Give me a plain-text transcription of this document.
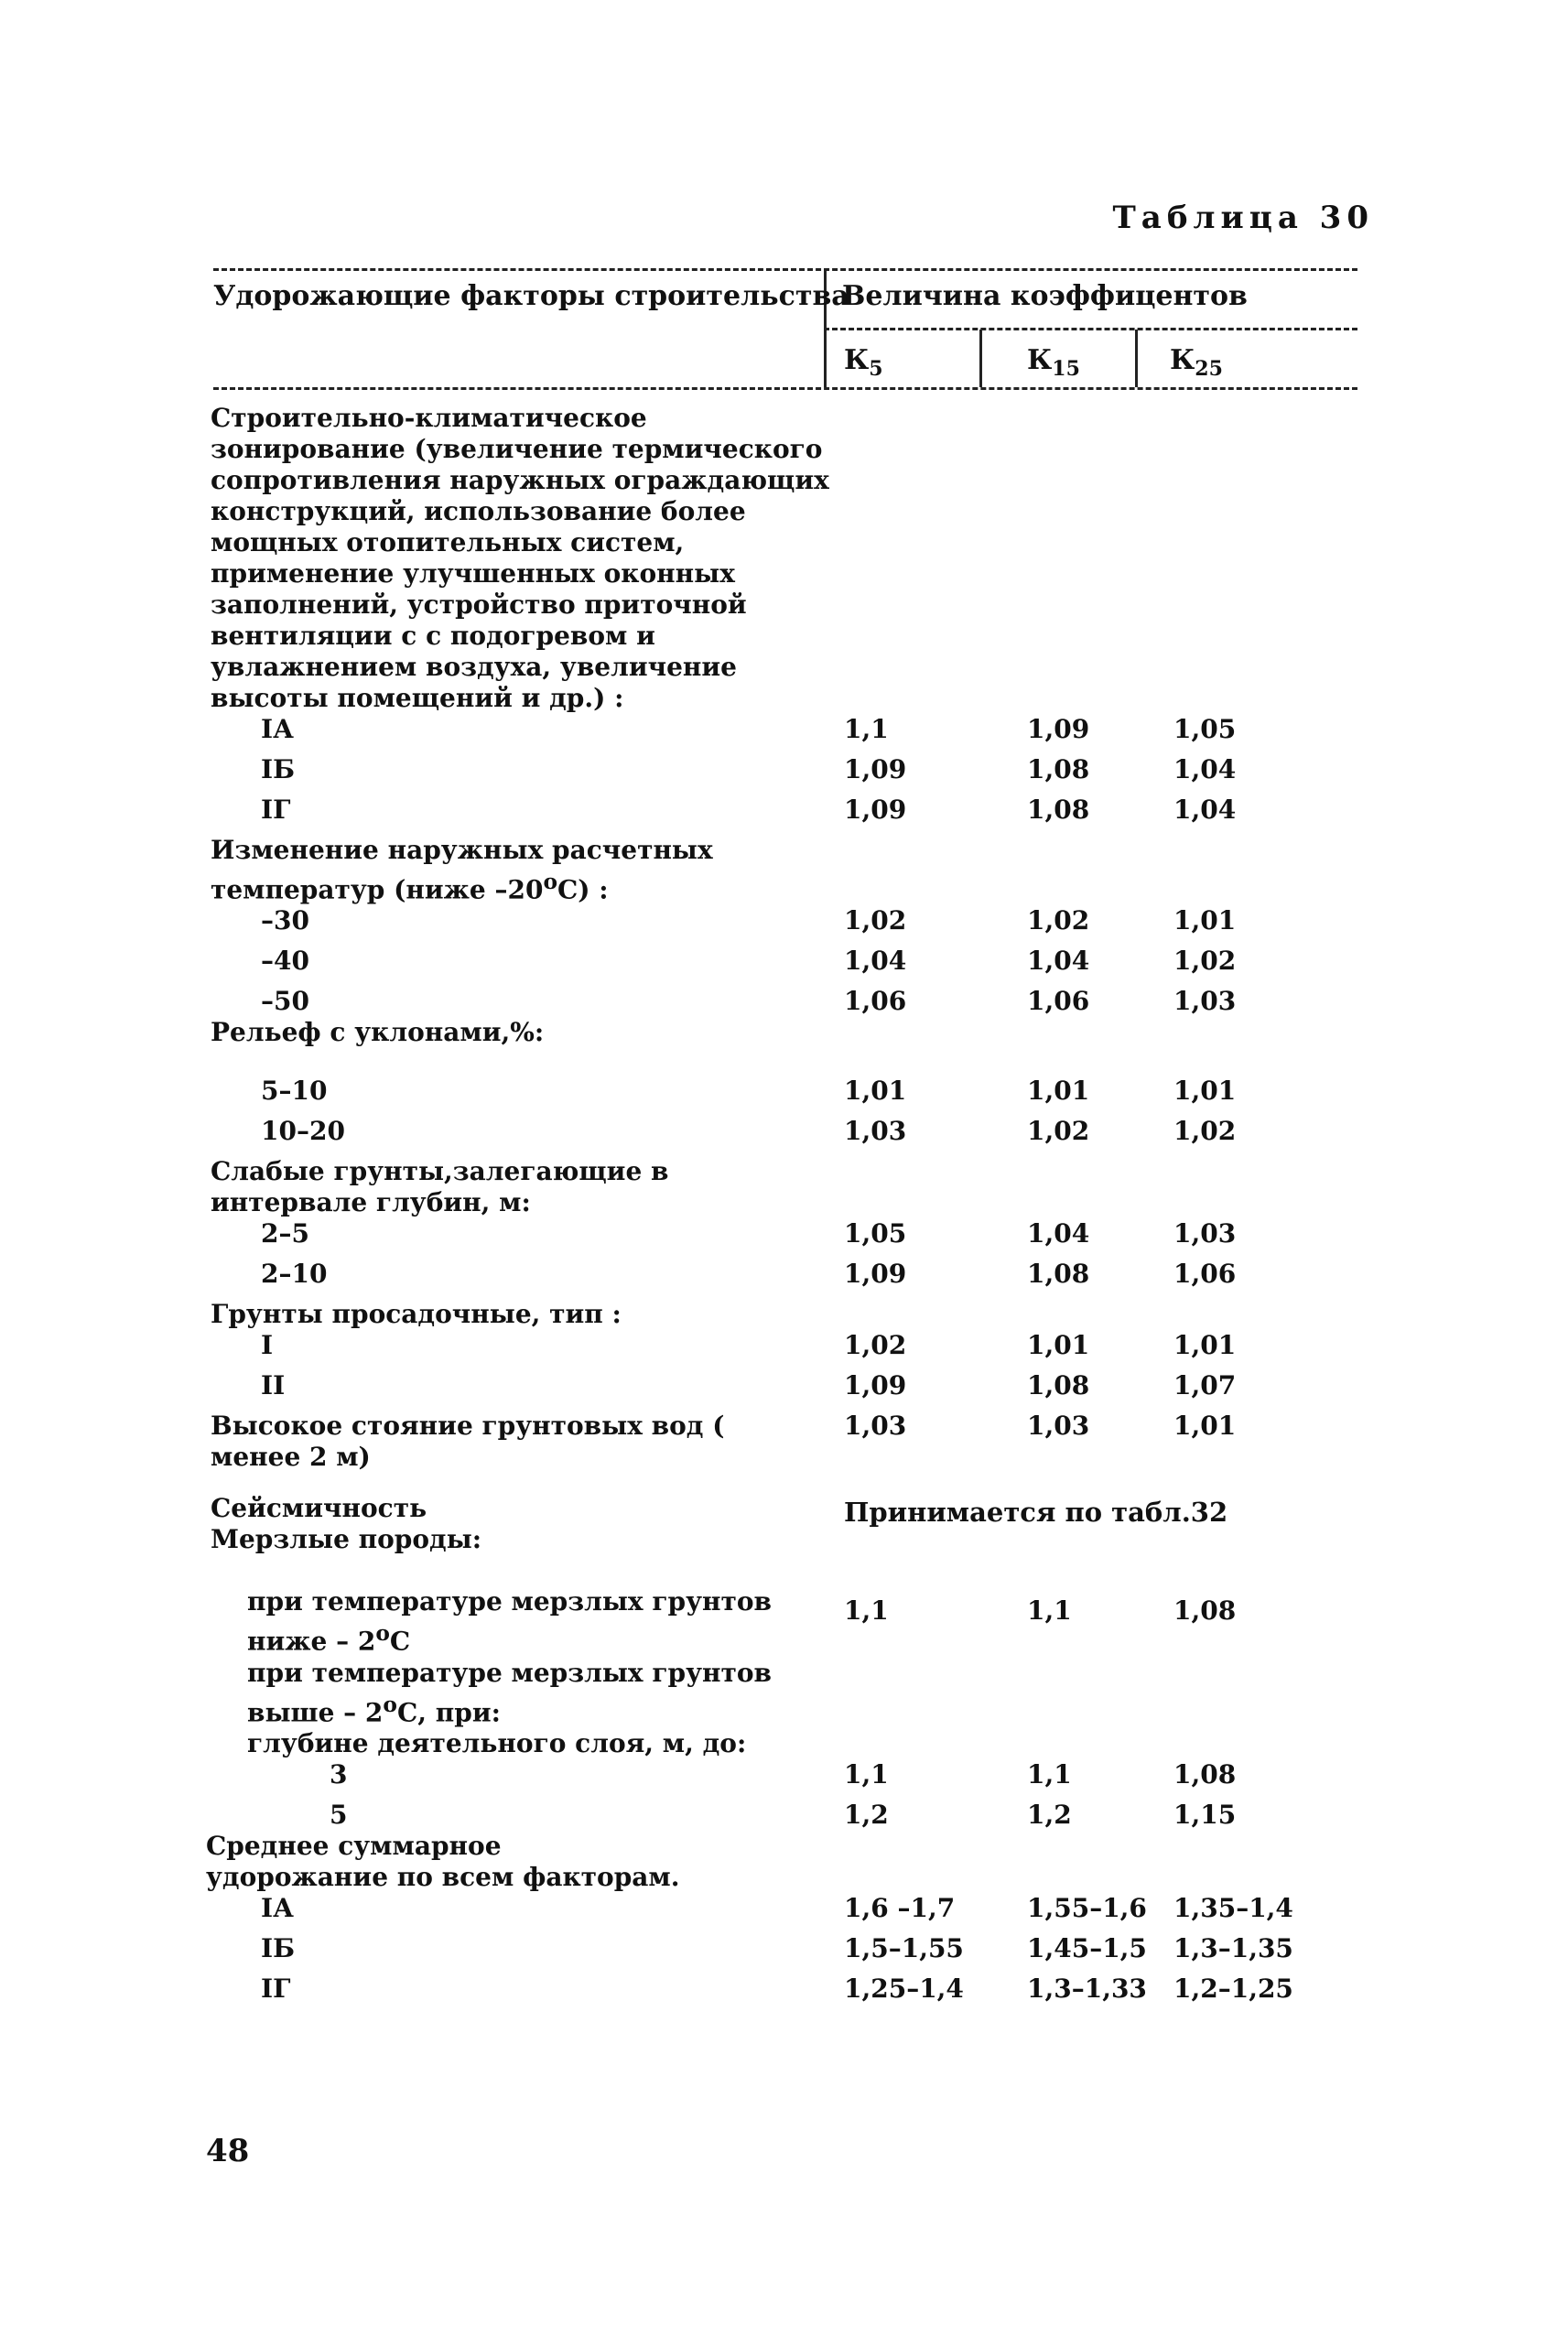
Таблица 30
Удорожающие факторы строительства
Величина коэффицентов
$К_5$	$К_{15}$	$К_{25}$

Строительно-климатическое зонирование (увеличение термического сопротивления наружных ограждающих конструкций, использование более мощных отопительных систем, применение улучшенных оконных заполнений, устройство приточной вентиляции с с подогревом и увлажнением воздуха, увеличение высоты помещений и др.) :

IА	1,1	1,09	1,05

IБ	1,09	1,08	1,04

IГ	1,09	1,08	1,04

Изменение наружных расчетных температур (ниже –20$^o$С) :

–30	1,02	1,02	1,01

–40	1,04	1,04	1,02

–50	1,06	1,06	1,03

Рельеф с уклонами,%:

5–10	1,01	1,01	1,01

10–20	1,03	1,02	1,02

Слабые грунты,залегающие в интервале глубин, м:

2–5	1,05	1,04	1,03

2–10	1,09	1,08	1,06

Грунты просадочные, тип :

I	1,02	1,01	1,01

II	1,09	1,08	1,07

Высокое стояние грунтовых вод ( менее 2 м)

1,03	1,03	1,01

Сейсмичность	Принимается по табл.32

Мерзлые породы:

при температуре мерзлых грунтов ниже – 2$^o$С

1,1	1,1	1,08

при температуре мерзлых грунтов выше – 2$^o$С, при:

глубине деятельного слоя, м, до:

3	1,1	1,1	1,08

5	1,2	1,2	1,15

Среднее суммарное удорожание по всем факторам.

IА	1,6 –1,7	1,55–1,6 1,35–1,4

IБ	1,5–1,55 1,45–1,5 1,3–1,35

IГ	1,25–1,4 1,3–1,33 1,2–1,25
48
